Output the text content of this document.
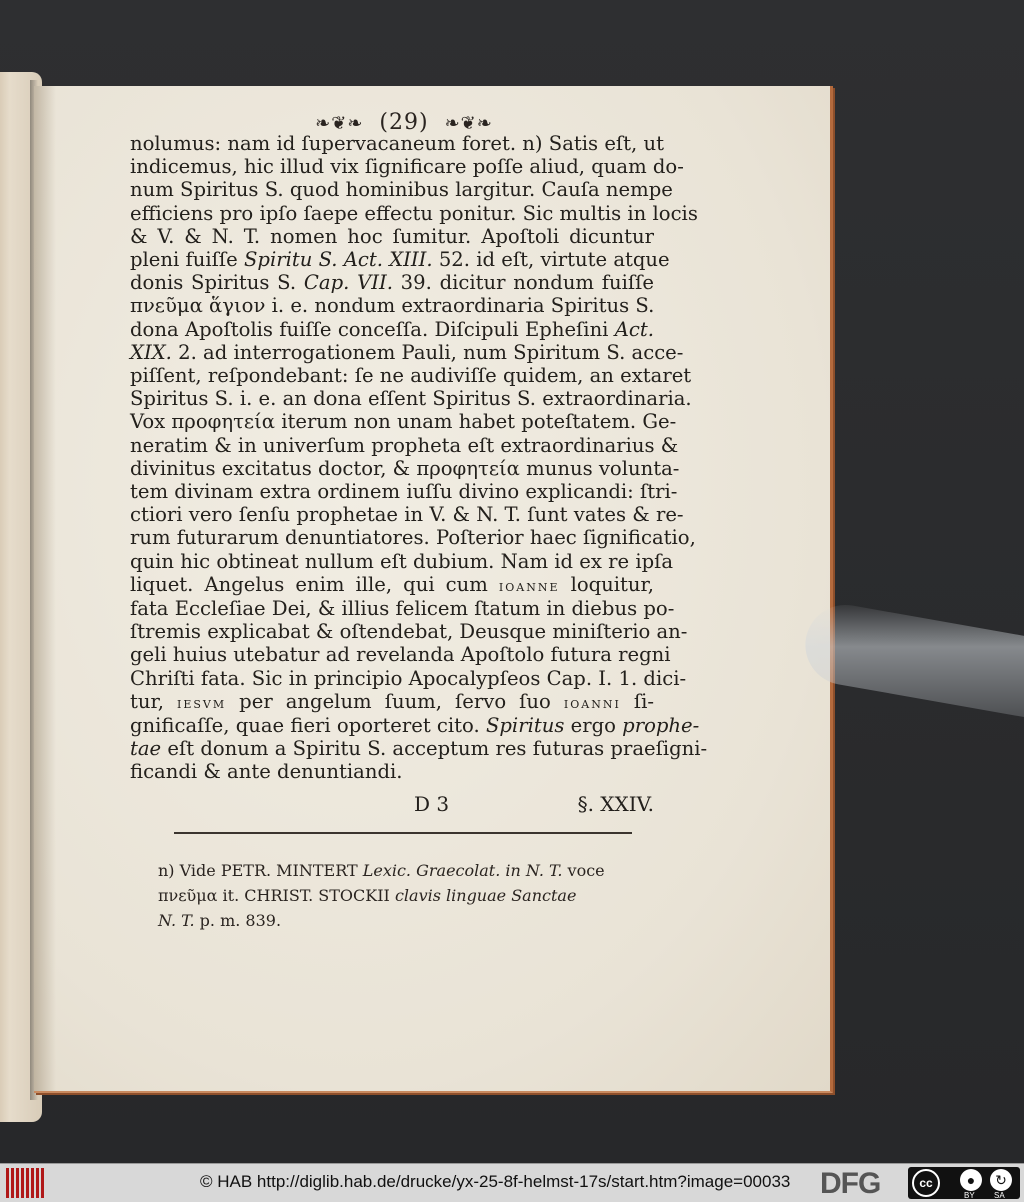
❧❦❧ (29) ❧❦❧
nolumus: nam id ſupervacaneum foret. n) Satis eſt, ut
indicemus, hic illud vix ſignificare poſſe aliud, quam do-
num Spiritus S. quod hominibus largitur. Cauſa nempe
efficiens pro ipſo ſaepe effectu ponitur. Sic multis in locis
& V. & N. T. nomen hoc ſumitur. Apoſtoli dicuntur
pleni fuiſſe Spiritu S. Act. XIII. 52. id eſt, virtute atque
donis Spiritus S. Cap. VII. 39. dicitur nondum fuiſſe
πνεῦμα ἅγιον i. e. nondum extraordinaria Spiritus S.
dona Apoſtolis fuiſſe conceſſa. Diſcipuli Epheſini Act.
XIX. 2. ad interrogationem Pauli, num Spiritum S. acce-
piſſent, reſpondebant: ſe ne audiviſſe quidem, an extaret
Spiritus S. i. e. an dona eſſent Spiritus S. extraordinaria.
Vox προφητεία iterum non unam habet poteſtatem. Ge-
neratim & in univerſum propheta eſt extraordinarius &
divinitus excitatus doctor, & προφητεία munus volunta-
tem divinam extra ordinem iuſſu divino explicandi: ſtri-
ctiori vero ſenſu prophetae in V. & N. T. ſunt vates & re-
rum futurarum denuntiatores. Poſterior haec ſignificatio,
quin hic obtineat nullum eſt dubium. Nam id ex re ipſa
liquet. Angelus enim ille, qui cum ioanne loquitur,
fata Eccleſiae Dei, & illius felicem ſtatum in diebus po-
ſtremis explicabat & oſtendebat, Deusque miniſterio an-
geli huius utebatur ad revelanda Apoſtolo futura regni
Chriſti fata. Sic in principio Apocalypſeos Cap. I. 1. dici-
tur, iesvm per angelum ſuum, ſervo ſuo ioanni ſi-
gnificaſſe, quae fieri oporteret cito. Spiritus ergo prophe-
tae eſt donum a Spiritu S. acceptum res futuras praeſigni-
ficandi & ante denuntiandi.
D 3	§. XXIV.
n) Vide PETR. MINTERT Lexic. Graecolat. in N. T. voce
πνεῦμα it. CHRIST. STOCKII clavis linguae Sanctae
N. T. p. m. 839.
© HAB http://diglib.hab.de/drucke/yx-25-8f-helmst-17s/start.htm?image=00033 DFG	cc	●	↻
BY SA
